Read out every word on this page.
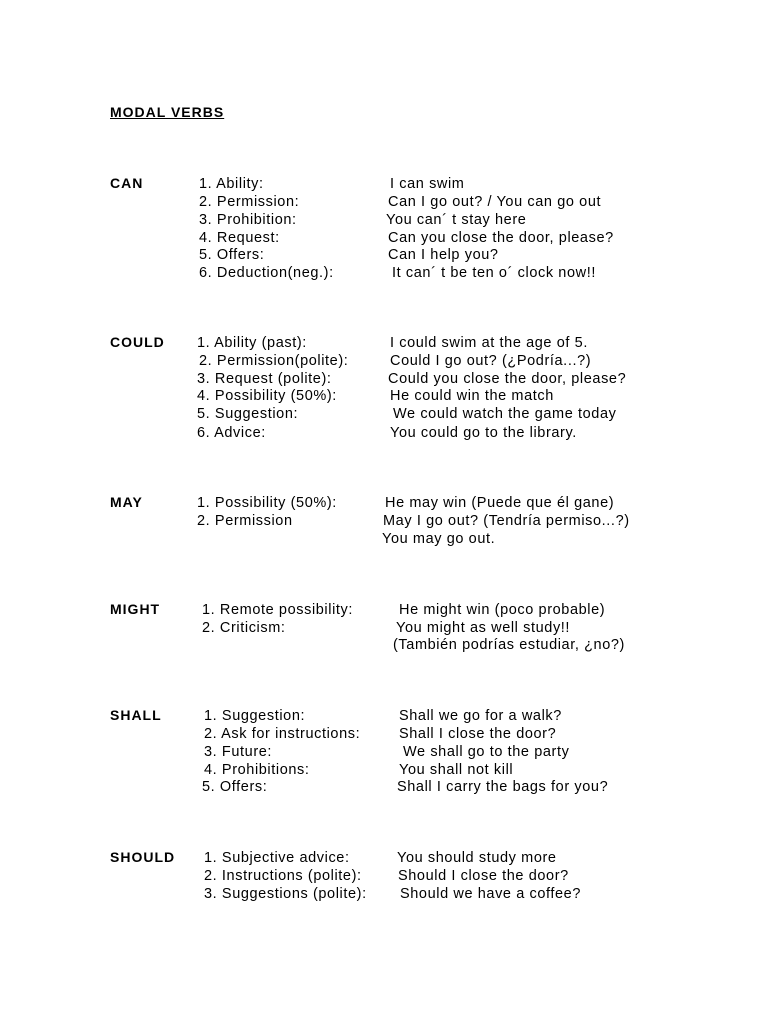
MODAL VERBS
CAN	1. Ability:	I can swim
2. Permission:	Can I go out? / You can go out
3. Prohibition:	You can´ t stay here
4. Request:	Can you close the door, please?
5. Offers:	Can I help you?
6. Deduction(neg.):	It can´ t be ten o´ clock now!!
COULD 1. Ability (past):	I could swim at the age of 5.
2. Permission(polite):	Could I go out? (¿Podría...?)
3. Request (polite):	Could you close the door, please?
4. Possibility (50%):	He could win the match
5. Suggestion:	We could watch the game today
6. Advice:	You could go to the library.
MAY	1. Possibility (50%):	He may win (Puede que él gane)
2. Permission	May I go out? (Tendría permiso...?)
You may go out.
MIGHT	1. Remote possibility:	He might win (poco probable)
2. Criticism:	You might as well study!!
(También podrías estudiar, ¿no?)
SHALL	1. Suggestion:	Shall we go for a walk?
2. Ask for instructions:	Shall I close the door?
3. Future:	We shall go to the party
4. Prohibitions:	You shall not kill
5. Offers:	Shall I carry the bags for you?
SHOULD 1. Subjective advice:	You should study more
2. Instructions (polite):	Should I close the door?
3. Suggestions (polite): Should we have a coffee?
